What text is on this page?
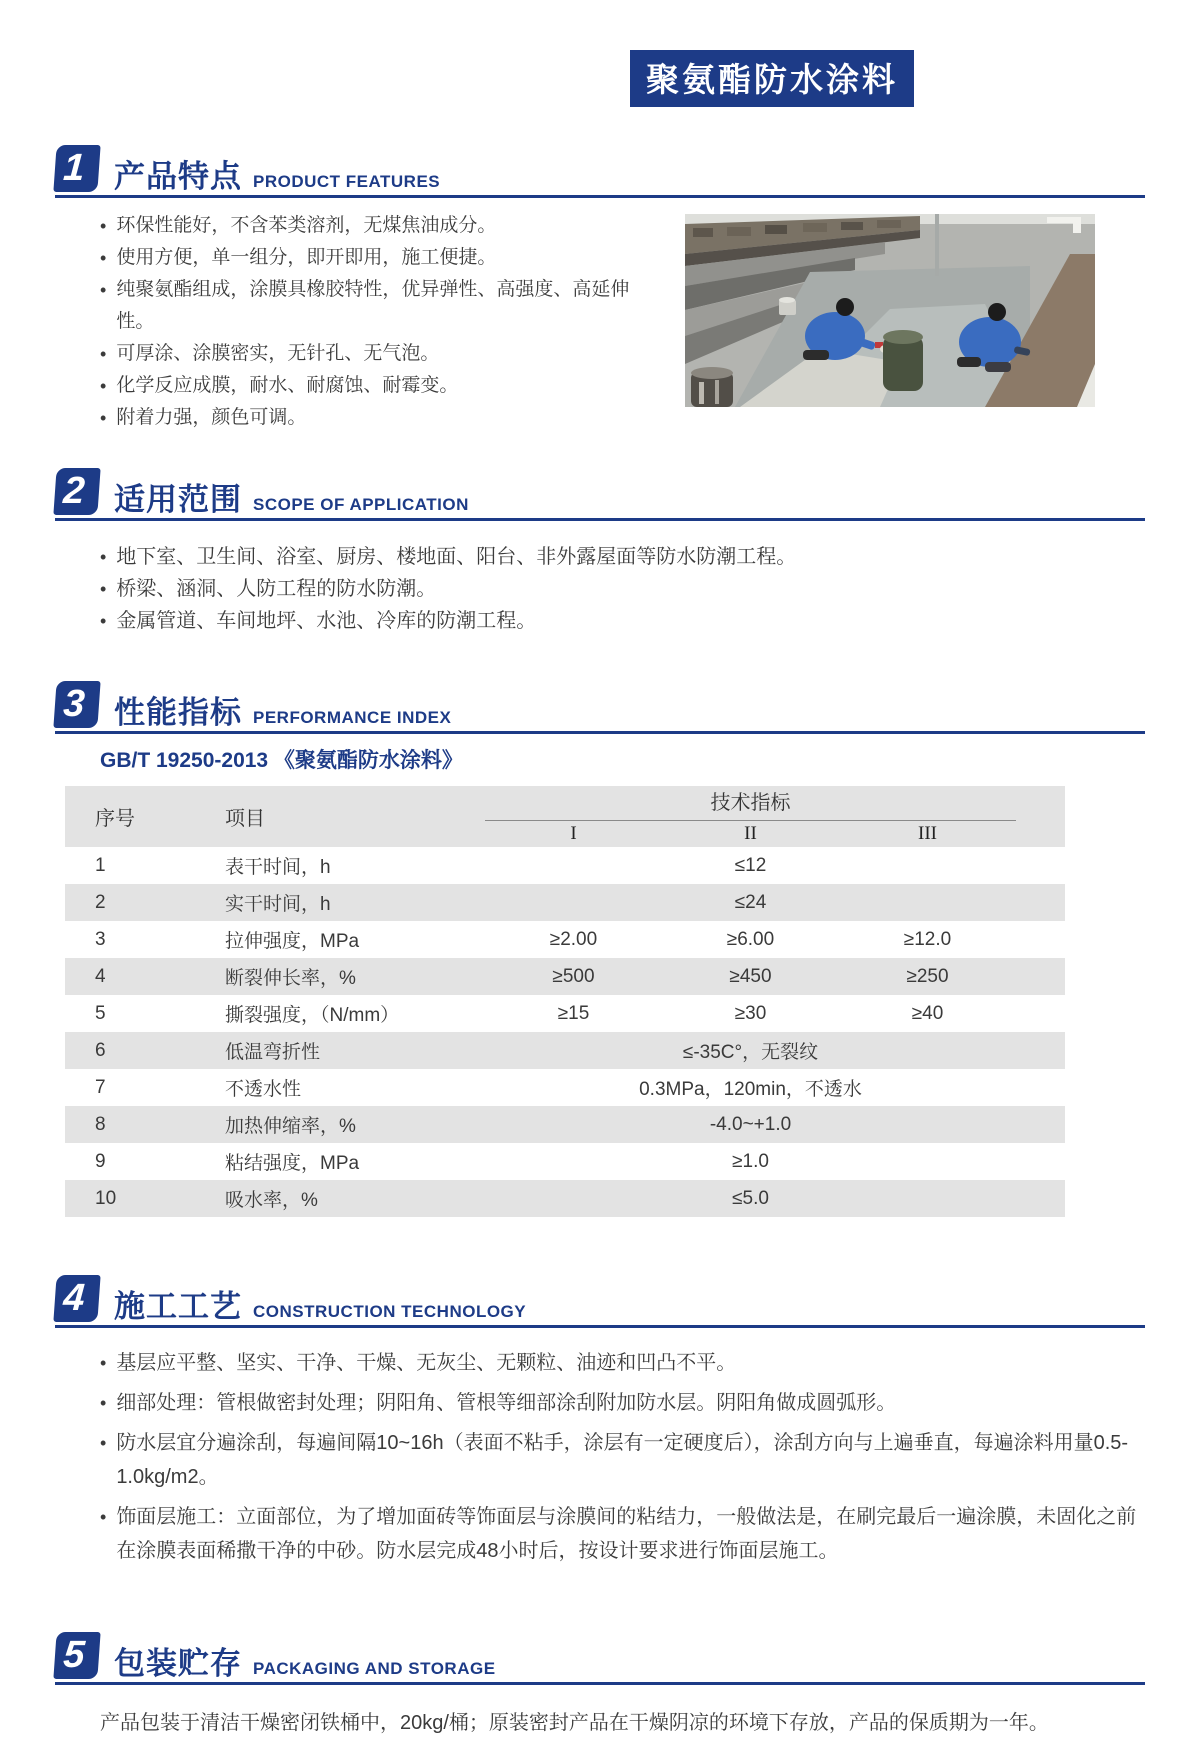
聚氨酯防水涂料
1 产品特点 PRODUCT FEATURES
• 环保性能好，不含苯类溶剂，无煤焦油成分。
• 使用方便，单一组分，即开即用，施工便捷。
• 纯聚氨酯组成，涂膜具橡胶特性，优异弹性、高强度、高延伸性。
• 可厚涂、涂膜密实，无针孔、无气泡。
• 化学反应成膜，耐水、耐腐蚀、耐霉变。
• 附着力强，颜色可调。
2 适用范围 SCOPE OF APPLICATION
• 地下室、卫生间、浴室、厨房、楼地面、阳台、非外露屋面等防水防潮工程。
• 桥梁、涵洞、人防工程的防水防潮。
• 金属管道、车间地坪、水池、冷库的防潮工程。
3 性能指标 PERFORMANCE INDEX
GB/T 19250-2013 《聚氨酯防水涂料》
序号	项目	技术指标			

		I	II	III	
1	表干时间，h	≤12			
2	实干时间，h	≤24			
3	拉伸强度，MPa	≥2.00	≥6.00	≥12.0	
4	断裂伸长率，%	≥500	≥450	≥250	
5	撕裂强度，（N/mm）	≥15	≥30	≥40	
6	低温弯折性	≤-35C°，无裂纹			
7	不透水性	0.3MPa，120min，不透水			
8	加热伸缩率，%	-4.0~+1.0			
9	粘结强度，MPa	≥1.0			
10	吸水率，%	≤5.0			
4 施工工艺 CONSTRUCTION TECHNOLOGY
• 基层应平整、坚实、干净、干燥、无灰尘、无颗粒、油迹和凹凸不平。
• 细部处理：管根做密封处理；阴阳角、管根等细部涂刮附加防水层。阴阳角做成圆弧形。
• 防水层宜分遍涂刮，每遍间隔10~16h（表面不粘手，涂层有一定硬度后），涂刮方向与上遍垂直，每遍涂料用量0.5-1.0kg/m2。
• 饰面层施工：立面部位，为了增加面砖等饰面层与涂膜间的粘结力，一般做法是，在刷完最后一遍涂膜，未固化之前在涂膜表面稀撒干净的中砂。防水层完成48小时后，按设计要求进行饰面层施工。
5 包装贮存 PACKAGING AND STORAGE
产品包装于清洁干燥密闭铁桶中，20kg/桶；原装密封产品在干燥阴凉的环境下存放，产品的保质期为一年。
